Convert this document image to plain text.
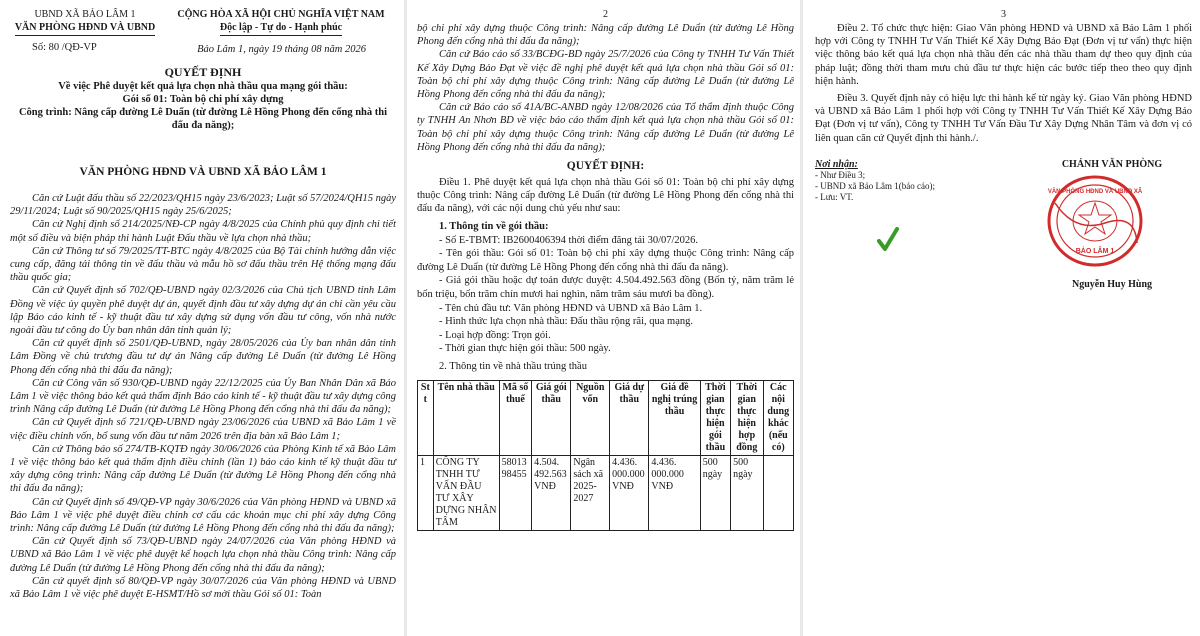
UBND XÃ BẢO LÂM 1
VĂN PHÒNG HĐND VÀ UBND
CỘNG HÒA XÃ HỘI CHỦ NGHĨA VIỆT NAM
Độc lập - Tự do - Hạnh phúc
Bảo Lâm 1, ngày 19 tháng 08 năm 2026
Số: 80 /QĐ-VP
QUYẾT ĐỊNH
Về việc Phê duyệt kết quả lựa chọn nhà thầu qua mạng gói thầu:
Gói số 01: Toàn bộ chi phí xây dựng
Công trình: Nâng cấp đường Lê Duẩn (từ đường Lê Hồng Phong đến cổng nhà thi đấu đa năng);
VĂN PHÒNG HĐND VÀ UBND XÃ BẢO LÂM 1

Căn cứ Luật đấu thầu số 22/2023/QH15 ngày 23/6/2023; Luật số 57/2024/QH15 ngày 29/11/2024; Luật số 90/2025/QH15 ngày 25/6/2025;

Căn cứ Nghị định số 214/2025/NĐ-CP ngày 4/8/2025 của Chính phủ quy định chi tiết một số điều và biện pháp thi hành Luật Đấu thầu về lựa chọn nhà thầu;

Căn cứ Thông tư số 79/2025/TT-BTC ngày 4/8/2025 của Bộ Tài chính hướng dẫn việc cung cấp, đăng tải thông tin về đấu thầu và mẫu hồ sơ đấu thầu trên Hệ thống mạng đấu thầu quốc gia;

Căn cứ Quyết định số 702/QĐ-UBND ngày 02/3/2026 của Chủ tịch UBND tỉnh Lâm Đồng về việc ủy quyền phê duyệt dự án, quyết định đầu tư xây dựng dự án chỉ cần yêu cầu lập Báo cáo kinh tế - kỹ thuật đầu tư xây dựng sử dụng vốn đầu tư công, vốn nhà nước ngoài đầu tư công do Ủy ban nhân dân tỉnh quản lý;

Căn cứ quyết định số 2501/QĐ-UBND, ngày 28/05/2026 của Ủy ban nhân dân tỉnh Lâm Đồng về chủ trương đầu tư dự án Nâng cấp đường Lê Duẩn (từ đường Lê Hồng Phong đến cổng nhà thi đấu đa năng);

Căn cứ Công văn số 930/QĐ-UBND ngày 22/12/2025 của Ủy Ban Nhân Dân xã Bảo Lâm 1 về việc thông báo kết quả thẩm định Báo cáo kinh tế - kỹ thuật đầu tư xây dựng công trình Nâng cấp đường Lê Duẩn (từ đường Lê Hồng Phong đến cổng nhà thi đấu đa năng);

Căn cứ Quyết định số 721/QĐ-UBND ngày 23/06/2026 của UBND xã Bảo Lâm 1 về việc điều chỉnh vốn, bổ sung vốn đầu tư năm 2026 trên địa bàn xã Bảo Lâm 1;

Căn cứ Thông báo số 274/TB-KQTĐ ngày 30/06/2026 của Phòng Kinh tế xã Bảo Lâm 1 về việc thông báo kết quả thẩm định điều chỉnh (lần 1) báo cáo kinh tế kỹ thuật đầu tư xây dựng công trình: Nâng cấp đường Lê Duẩn (từ đường Lê Hồng Phong đến cổng nhà thi đấu đa năng);

Căn cứ Quyết định số 49/QĐ-VP ngày 30/6/2026 của Văn phòng HĐND và UBND xã Bảo Lâm 1 về việc phê duyệt điều chỉnh cơ cấu các khoản mục chi phí xây dựng Công trình: Nâng cấp đường Lê Duẩn (từ đường Lê Hồng Phong đến cổng nhà thi đấu đa năng);

Căn cứ Quyết định số 73/QĐ-UBND ngày 24/07/2026 của Văn phòng HĐND và UBND xã Bảo Lâm 1 về việc phê duyệt kế hoạch lựa chọn nhà thầu Công trình: Nâng cấp đường Lê Duẩn (từ đường Lê Hồng Phong đến cổng nhà thi đấu đa năng);

Căn cứ quyết định số 80/QĐ-VP ngày 30/07/2026 của Văn phòng HĐND và UBND xã Bảo Lâm 1 về việc phê duyệt E-HSMT/Hồ sơ mời thầu Gói số 01: Toàn

2

bộ chi phí xây dựng thuộc Công trình: Nâng cấp đường Lê Duẩn (từ đường Lê Hồng Phong đến cổng nhà thi đấu đa năng);

Căn cứ Báo cáo số 33/BCĐG-BD ngày 25/7/2026 của Công ty TNHH Tư Vấn Thiết Kế Xây Dựng Bảo Đạt về việc đề nghị phê duyệt kết quả lựa chọn nhà thầu Gói số 01: Toàn bộ chi phí xây dựng thuộc Công trình: Nâng cấp đường Lê Duẩn (từ đường Lê Hồng Phong đến cổng nhà thi đấu đa năng);

Căn cứ Báo cáo số 41A/BC-ANBD ngày 12/08/2026 của Tổ thẩm định thuộc Công ty TNHH An Nhơn BD về việc báo cáo thẩm định kết quả lựa chọn nhà thầu Gói số 01: Toàn bộ chi phí xây dựng thuộc Công trình: Nâng cấp đường Lê Duẩn (từ đường Lê Hồng Phong đến cổng nhà thi đấu đa năng);

QUYẾT ĐỊNH:

Điều 1. Phê duyệt kết quả lựa chọn nhà thầu Gói số 01: Toàn bộ chi phí xây dựng thuộc Công trình: Nâng cấp đường Lê Duẩn (từ đường Lê Hồng Phong đến cổng nhà thi đấu đa năng), với các nội dung chủ yếu như sau:

1. Thông tin về gói thầu:

- Số E-TBMT: IB2600406394 thời điểm đăng tải 30/07/2026.

- Tên gói thầu: Gói số 01: Toàn bộ chi phí xây dựng thuộc Công trình: Nâng cấp đường Lê Duẩn (từ đường Lê Hồng Phong đến cổng nhà thi đấu đa năng).

- Giá gói thầu hoặc dự toán được duyệt: 4.504.492.563 đồng (Bốn tỷ, năm trăm lẻ bốn triệu, bốn trăm chín mươi hai nghìn, năm trăm sáu mươi ba đồng).

- Tên chủ đầu tư: Văn phòng HĐND và UBND xã Bảo Lâm 1.

- Hình thức lựa chọn nhà thầu: Đấu thầu rộng rãi, qua mạng.

- Loại hợp đồng: Trọn gói.

- Thời gian thực hiện gói thầu: 500 ngày.

2. Thông tin về nhà thầu trúng thầu
St t	Tên nhà thầu	Mã số thuế	Giá gói thầu	Nguồn vốn	Giá dự thầu	Giá đề nghị trúng thầu	Thời gian thực hiện gói thầu	Thời gian thực hiện hợp đồng	Các nội dung khác (nếu có)
1	CÔNG TY TNHH TƯ VẤN ĐẦU TƯ XÂY DỰNG NHÂN TÂM	58013 98455	4.504. 492.563 VNĐ	Ngân sách xã 2025-2027	4.436. 000.000 VNĐ	4.436. 000.000 VNĐ	500 ngày	500 ngày	
3

Điều 2. Tổ chức thực hiện: Giao Văn phòng HĐND và UBND xã Bảo Lâm 1 phối hợp với Công ty TNHH Tư Vấn Thiết Kế Xây Dựng Bảo Đạt (Đơn vị tư vấn) thực hiện việc thông báo kết quả lựa chọn nhà thầu đến các nhà thầu tham dự theo quy định của pháp luật; đồng thời tham mưu chủ đầu tư thực hiện các bước tiếp theo theo quy định hiện hành.

Điều 3. Quyết định này có hiệu lực thi hành kể từ ngày ký. Giao Văn phòng HĐND và UBND xã Bảo Lâm 1 phối hợp với Công ty TNHH Tư Vấn Thiết Kế Xây Dựng Bảo Đạt (Đơn vị tư vấn), Công ty TNHH Tư Vấn Đầu Tư Xây Dựng Nhân Tâm và đơn vị có liên quan căn cứ Quyết định thi hành./.

Nơi nhận:
- Như Điều 3;
- UBND xã Bảo Lâm 1(báo cáo);
- Lưu: VT.
CHÁNH VĂN PHÒNG
VĂN PHÒNG HĐND VÀ UBND XÃ
BẢO LÂM 1
Nguyễn Huy Hùng
